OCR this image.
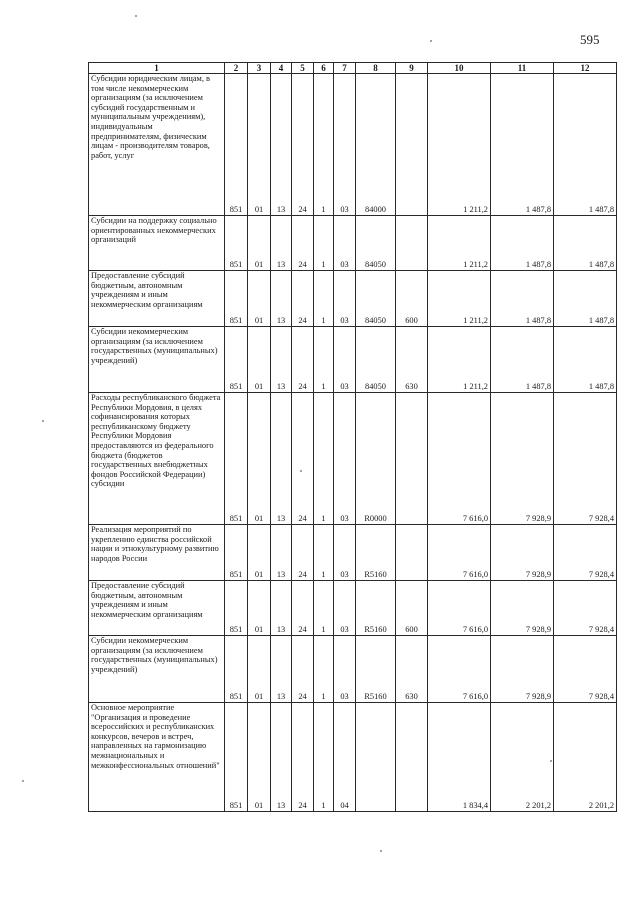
595
1	2	3	4	5	6	7	8	9	10	11	12
Субсидии юридическим лицам, в том числе некоммерческим организациям (за исключением субсидий государственным и муниципальным учреждениям), индивидуальным предпринимателям, физическим лицам - производителям товаров, работ, услуг	851	01	13	24	1	03	84000		1 211,2	1 487,8	1 487,8
Субсидии на поддержку социально ориентированных некоммерческих организаций	851	01	13	24	1	03	84050		1 211,2	1 487,8	1 487,8
Предоставление субсидий бюджетным, автономным учреждениям и иным некоммерческим организациям	851	01	13	24	1	03	84050	600	1 211,2	1 487,8	1 487,8
Субсидии некоммерческим организациям (за исключением государственных (муниципальных) учреждений)	851	01	13	24	1	03	84050	630	1 211,2	1 487,8	1 487,8
Расходы республиканского бюджета Республики Мордовия, в целях софинансирования которых республиканскому бюджету Республики Мордовия предоставляются из федерального бюджета (бюджетов государственных внебюджетных фондов Российской Федерации) субсидии	851	01	13	24	1	03	R0000		7 616,0	7 928,9	7 928,4
Реализация мероприятий по укреплению единства российской нации и этнокультурному развитию народов России	851	01	13	24	1	03	R5160		7 616,0	7 928,9	7 928,4
Предоставление субсидий бюджетным, автономным учреждениям и иным некоммерческим организациям	851	01	13	24	1	03	R5160	600	7 616,0	7 928,9	7 928,4
Субсидии некоммерческим организациям (за исключением государственных (муниципальных) учреждений)	851	01	13	24	1	03	R5160	630	7 616,0	7 928,9	7 928,4
Основное мероприятие "Организация и проведение всероссийских и республиканских конкурсов, вечеров и встреч, направленных на гармонизацию межнациональных и межконфессиональных отношений"	851	01	13	24	1	04			1 834,4	2 201,2	2 201,2
